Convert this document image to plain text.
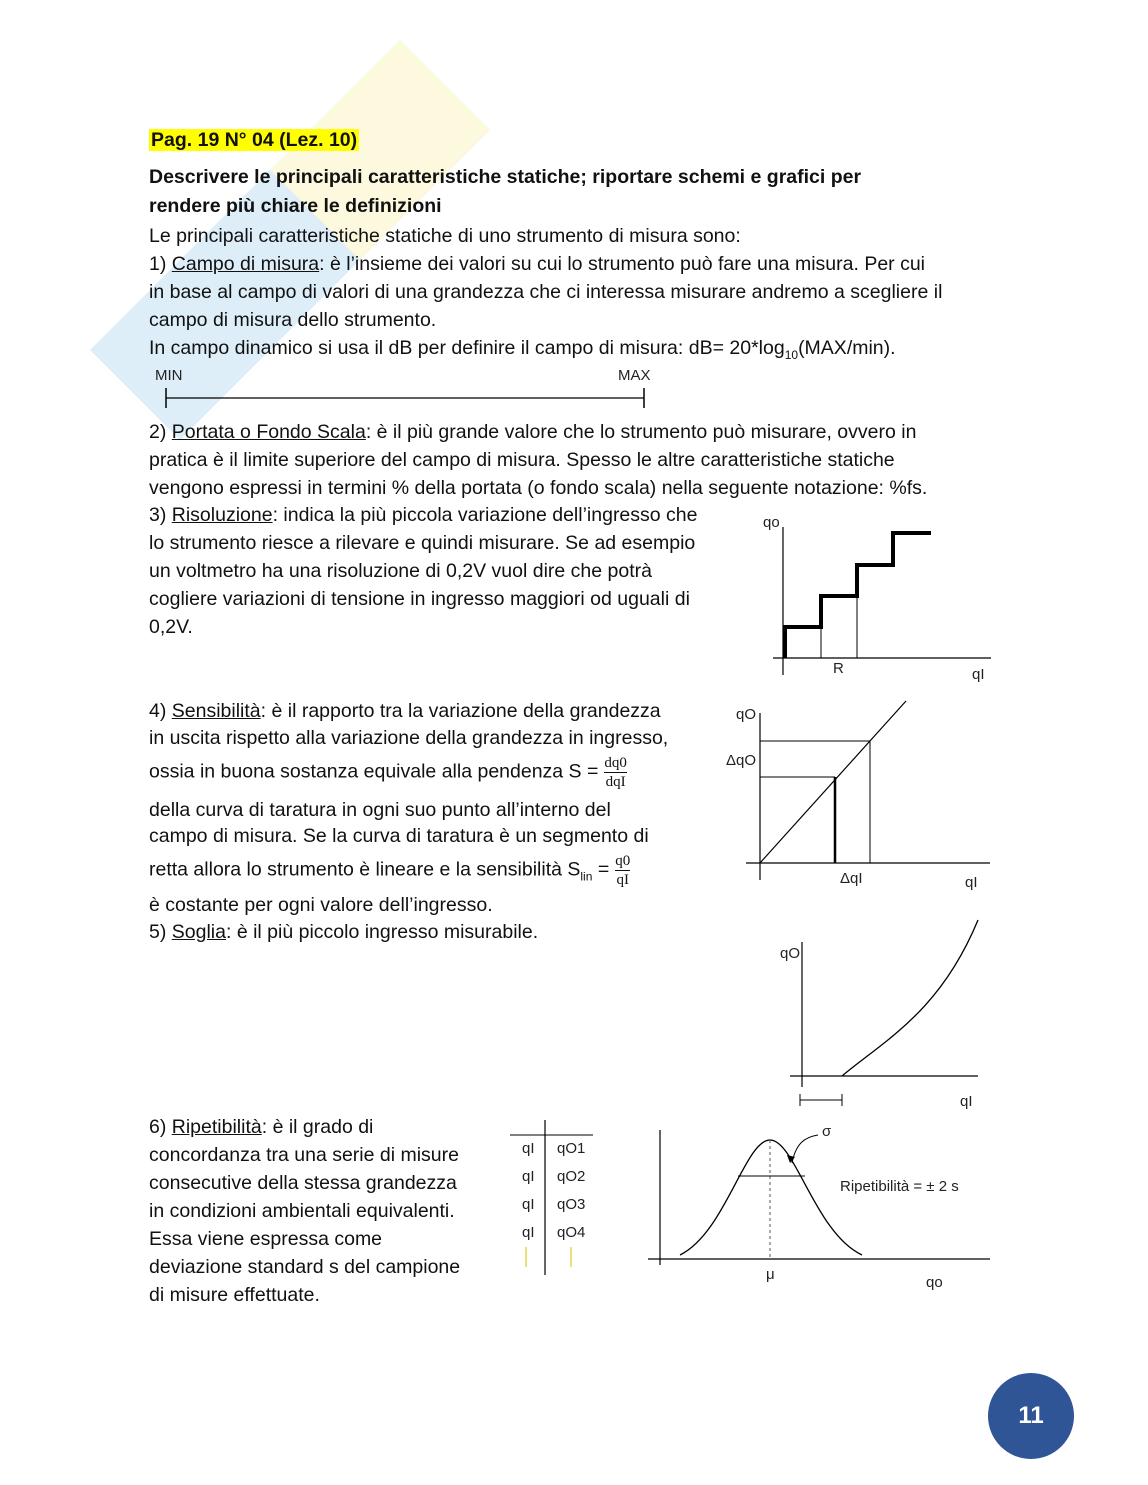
Pag. 19 N° 04 (Lez. 10)
Descrivere le principali caratteristiche statiche; riportare schemi e grafici per
rendere più chiare le definizioni
Le principali caratteristiche statiche di uno strumento di misura sono:
1) Campo di misura: è l’insieme dei valori su cui lo strumento può fare una misura. Per cui
in base al campo di valori di una grandezza che ci interessa misurare andremo a scegliere il
campo di misura dello strumento.
In campo dinamico si usa il dB per definire il campo di misura: $dB= 20*\log_{10}(MAX/\min)$.
MIN	MAX
2) Portata o Fondo Scala: è il più grande valore che lo strumento può misurare, ovvero in
pratica è il limite superiore del campo di misura. Spesso le altre caratteristiche statiche
vengono espressi in termini % della portata (o fondo scala) nella seguente notazione: %fs.
3) Risoluzione: indica la più piccola variazione dell’ingresso che
lo strumento riesce a rilevare e quindi misurare. Se ad esempio
un voltmetro ha una risoluzione di 0,2V vuol dire che potrà
cogliere variazioni di tensione in ingresso maggiori od uguali di
0,2V.
qo
R	qI
4) Sensibilità: è il rapporto tra la variazione della grandezza
in uscita rispetto alla variazione della grandezza in ingresso,
ossia in buona sostanza equivale alla pendenza $S = \frac{dq0}{\text{dqI}}$
della curva di taratura in ogni suo punto all’interno del
campo di misura. Se la curva di taratura è un segmento di
retta allora lo strumento è lineare e la sensibilità $S_{lin} = \frac{q0}{qI}$
è costante per ogni valore dell’ingresso.
qO
ΔqO
ΔqI	qI
5) Soglia: è il più piccolo ingresso misurabile.
qO
qI
6) Ripetibilità: è il grado di
concordanza tra una serie di misure
consecutive della stessa grandezza
in condizioni ambientali equivalenti.
Essa viene espressa come
deviazione standard s del campione
di misure effettuate.
qI qO1
qI qO2
qI qO3
qI qO4
σ
Ripetibilità = ± 2 s
μ	qo
11
